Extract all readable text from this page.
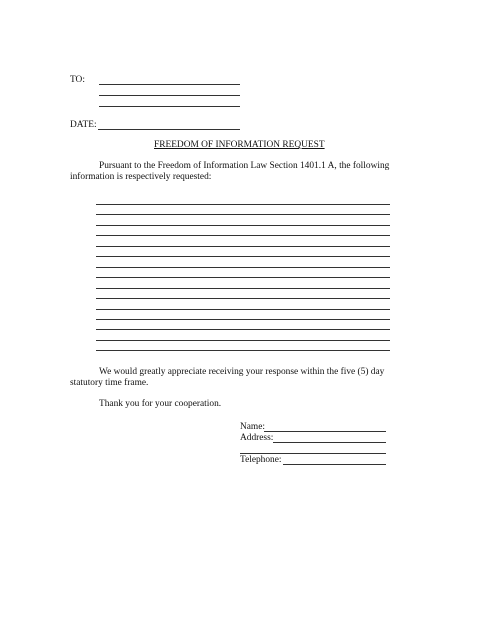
TO:
DATE:
FREEDOM OF INFORMATION REQUEST
Pursuant to the Freedom of Information Law Section 1401.1 A, the following
information is respectively requested:
We would greatly appreciate receiving your response within the five (5) day
statutory time frame.
Thank you for your cooperation.
Name:
Address:
Telephone:
